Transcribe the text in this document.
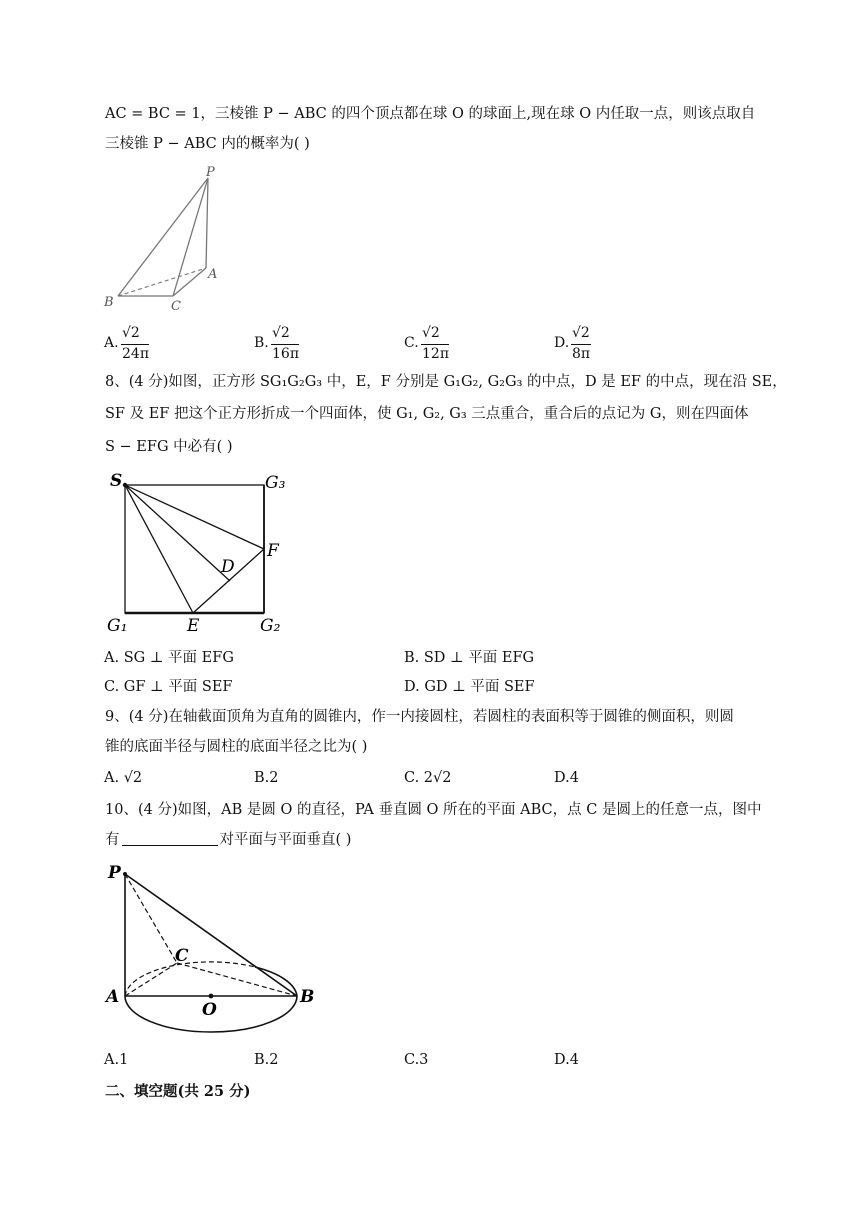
AC = BC = 1，三棱锥 P − ABC 的四个顶点都在球 O 的球面上,现在球 O 内任取一点，则该点取自
三棱锥 P − ABC 内的概率为( )
P
A
B	C
A.
√2
24π
B.
√2
16π
C.
√2
12π
D.
√2
8π
8、(4 分)如图，正方形 SG₁G₂G₃ 中，E，F 分别是 G₁G₂, G₂G₃ 的中点，D 是 EF 的中点，现在沿 SE，
SF 及 EF 把这个正方形折成一个四面体，使 G₁, G₂, G₃ 三点重合，重合后的点记为 G，则在四面体
S − EFG 中必有( )
S	G₃
F
D
G₁	E	G₂
A. SG ⊥ 平面 EFG	B. SD ⊥ 平面 EFG
C. GF ⊥ 平面 SEF	D. GD ⊥ 平面 SEF
9、(4 分)在轴截面顶角为直角的圆锥内，作一内接圆柱，若圆柱的表面积等于圆锥的侧面积，则圆
锥的底面半径与圆柱的底面半径之比为( )
A. √2	B.2	C. 2√2	D.4
10、(4 分)如图，AB 是圆 O 的直径，PA 垂直圆 O 所在的平面 ABC，点 C 是圆上的任意一点，图中
有	对平面与平面垂直( )
P
C
A
O
B
A.1	B.2	C.3	D.4
二、填空题(共 25 分)
